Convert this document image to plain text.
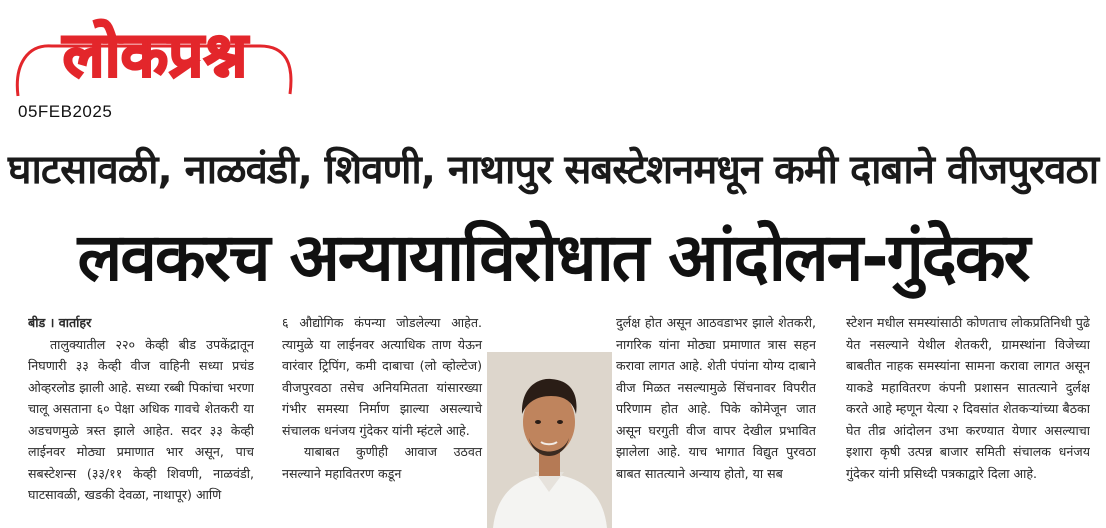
लोकप्रश्न
05FEB2025
घाटसावळी, नाळवंडी, शिवणी, नाथापुर सबस्टेशनमधून कमी दाबाने वीजपुरवठा
लवकरच अन्यायाविरोधात आंदोलन-गुंदेकर

बीड । वार्ताहर

तालुक्यातील २२० केव्ही बीड उपकेंद्रातून निघणारी ३३ केव्ही वीज वाहिनी सध्या प्रचंड ओव्हरलोड झाली आहे. सध्या रब्बी पिकांचा भरणा चालू असताना ६० पेक्षा अधिक गावचे शेतकरी या अडचणमुळे त्रस्त झाले आहेत. सदर ३३ केव्ही लाईनवर मोठ्या प्रमाणात भार असून, पाच सबस्टेशन्स (३३/११ केव्ही शिवणी, नाळवंडी, घाटसावळी, खडकी देवळा, नाथापूर) आणि

६ औद्योगिक कंपन्या जोडलेल्या आहेत. त्यामुळे या लाईनवर अत्याधिक ताण येऊन वारंवार ट्रिपिंग, कमी दाबाचा (लो व्होल्टेज) वीजपुरवठा तसेच अनियमितता यांसारख्या गंभीर समस्या निर्माण झाल्या असल्याचे संचालक धनंजय गुंदेकर यांनी म्हंटले आहे.

याबाबत कुणीही आवाज उठवत नसल्याने महावितरण कडून

दुर्लक्ष होत असून आठवडाभर झाले शेतकरी, नागरिक यांना मोठ्या प्रमाणात त्रास सहन करावा लागत आहे. शेती पंपांना योग्य दाबाने वीज मिळत नसल्यामुळे सिंचनावर विपरीत परिणाम होत आहे. पिके कोमेजून जात असून घरगुती वीज वापर देखील प्रभावित झालेला आहे. याच भागात विद्युत पुरवठा बाबत सातत्याने अन्याय होतो, या सब

स्टेशन मधील समस्यांसाठी कोणताच लोकप्रतिनिधी पुढे येत नसल्याने येथील शेतकरी, ग्रामस्थांना विजेच्या बाबतीत नाहक समस्यांना सामना करावा लागत असून याकडे महावितरण कंपनी प्रशासन सातत्याने दुर्लक्ष करते आहे म्हणून येत्या २ दिवसांत शेतकऱ्यांच्या बैठका घेत तीव्र आंदोलन उभा करण्यात येणार असल्याचा इशारा कृषी उत्पन्न बाजार समिती संचालक धनंजय गुंदेकर यांनी प्रसिध्दी पत्रकाद्वारे दिला आहे.
